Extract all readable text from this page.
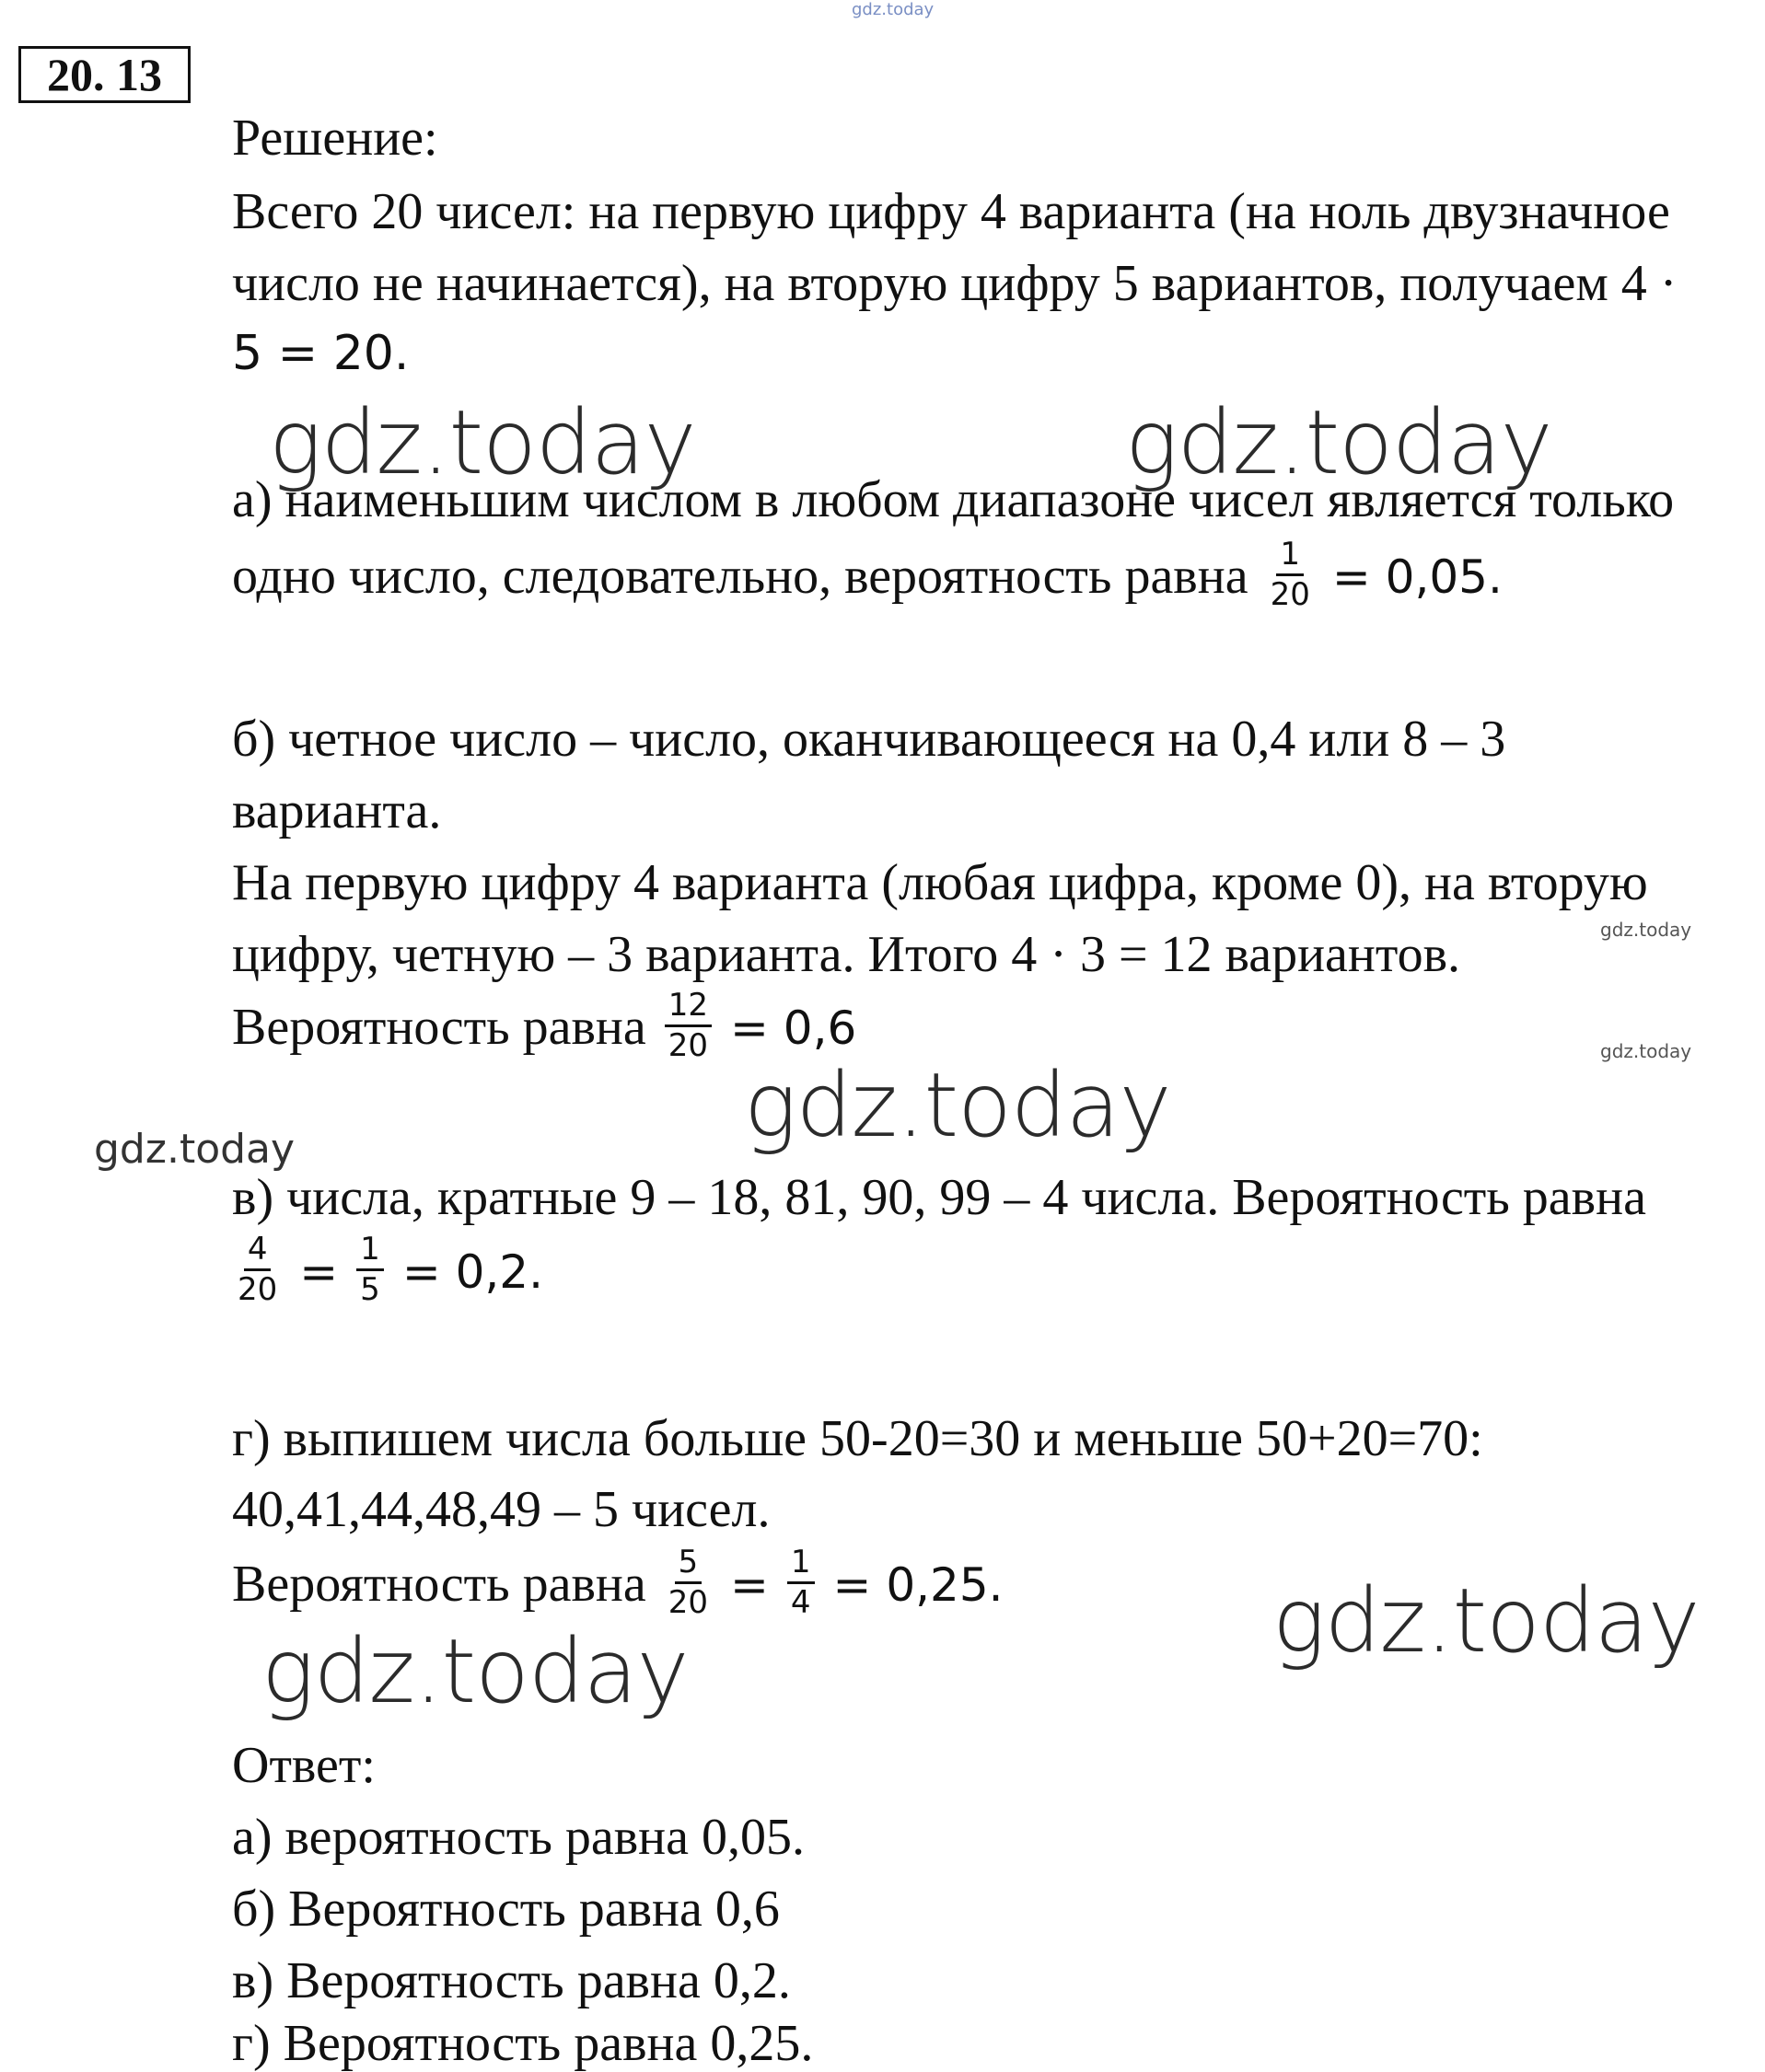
gdz.today
20. 13
Решение:
Всего 20 чисел: на первую цифру 4 варианта (на ноль двузначное
число не начинается), на вторую цифру 5 вариантов, получаем 4 ·
5 = 20.
gdz.today	gdz.today
а) наименьшим числом в любом диапазоне чисел является только
одно число, следовательно, вероятность равна $\frac{1}{20} = 0,05$.
б) четное число – число, оканчивающееся на 0,4 или 8 – 3
варианта.
На первую цифру 4 варианта (любая цифра, кроме 0), на вторую
цифру, четную – 3 варианта. Итого 4 · 3 = 12 вариантов.	gdz.today
Вероятность равна $\frac{12}{20} = 0,6$	gdz.today
gdz.today
gdz.today
в) числа, кратные 9 – 18, 81, 90, 99 – 4 числа. Вероятность равна
$\frac{4}{20} = \frac{1}{5} = 0,2$.
г) выпишем числа больше 50-20=30 и меньше 50+20=70:
40,41,44,48,49 – 5 чисел.
Вероятность равна $\frac{5}{20} = \frac{1}{4} = 0,25$.	gdz.today
gdz.today
Ответ:
а) вероятность равна 0,05.
б) Вероятность равна 0,6
в) Вероятность равна 0,2.
г) Вероятность равна 0,25.
